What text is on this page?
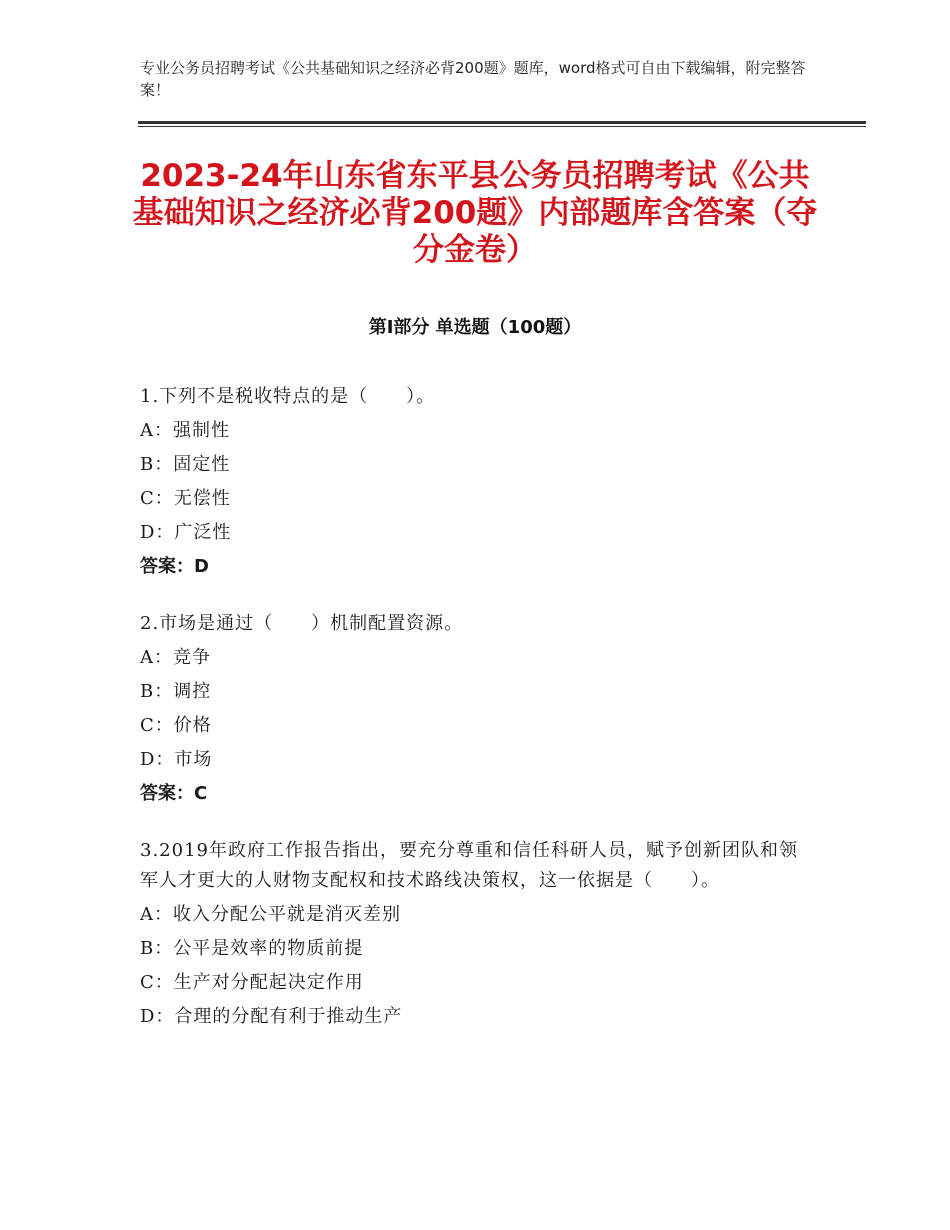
专业公务员招聘考试《公共基础知识之经济必背200题》题库，word格式可自由下载编辑，附完整答案！
2023-24年山东省东平县公务员招聘考试《公共基础知识之经济必背200题》内部题库含答案（夺分金卷）
第Ⅰ部分 单选题（100题）
1.下列不是税收特点的是（　　）。
A：强制性
B：固定性
C：无偿性
D：广泛性
答案：D
2.市场是通过（　　）机制配置资源。
A：竞争
B：调控
C：价格
D：市场
答案：C
3.2019年政府工作报告指出，要充分尊重和信任科研人员，赋予创新团队和领军人才更大的人财物支配权和技术路线决策权，这一依据是（　　）。
A：收入分配公平就是消灭差别
B：公平是效率的物质前提
C：生产对分配起决定作用
D：合理的分配有利于推动生产
